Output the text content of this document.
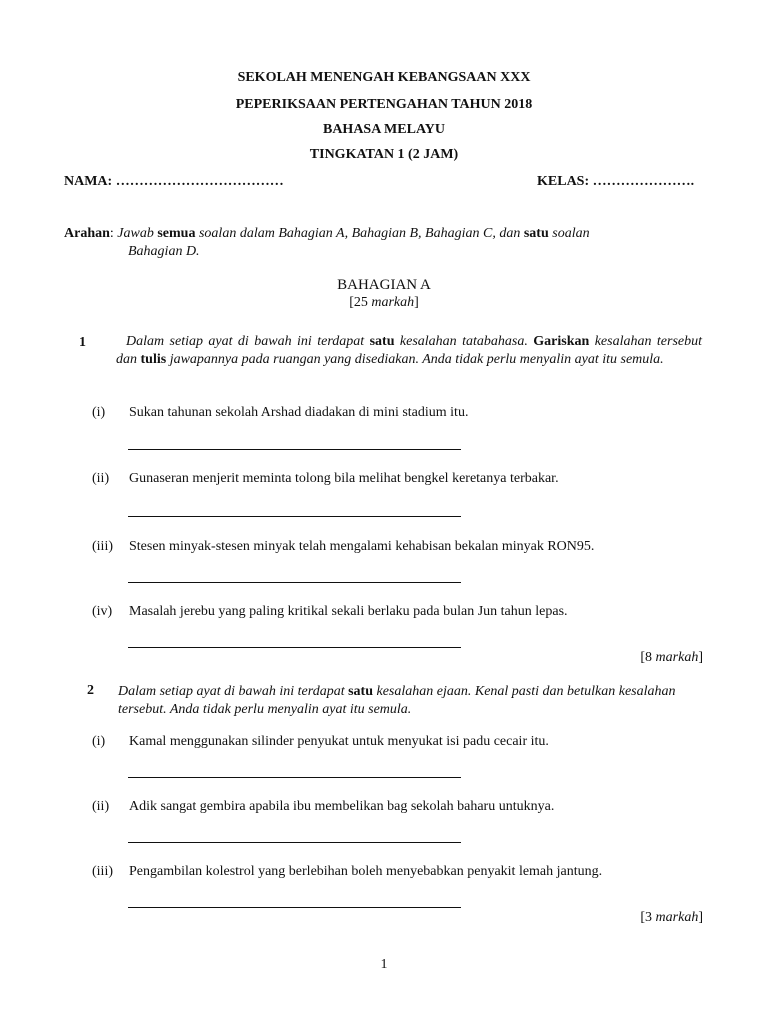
SEKOLAH MENENGAH KEBANGSAAN XXX
PEPERIKSAAN PERTENGAHAN TAHUN 2018
BAHASA MELAYU
TINGKATAN 1 (2 JAM)
NAMA: ………………………………	KELAS: ………………….
Arahan: Jawab semua soalan dalam Bahagian A, Bahagian B, Bahagian C, dan satu soalan
Bahagian D.
BAHAGIAN A
[25 markah]
1	Dalam setiap ayat di bawah ini terdapat satu kesalahan tatabahasa. Gariskan kesalahan tersebut dan tulis jawapannya pada ruangan yang disediakan. Anda tidak perlu menyalin ayat itu semula.
(i) Sukan tahunan sekolah Arshad diadakan di mini stadium itu.
(ii) Gunaseran menjerit meminta tolong bila melihat bengkel keretanya terbakar.
(iii) Stesen minyak-stesen minyak telah mengalami kehabisan bekalan minyak RON95.
(iv) Masalah jerebu yang paling kritikal sekali berlaku pada bulan Jun tahun lepas.
[8 markah]
2 Dalam setiap ayat di bawah ini terdapat satu kesalahan ejaan. Kenal pasti dan betulkan kesalahan tersebut. Anda tidak perlu menyalin ayat itu semula.
(i) Kamal menggunakan silinder penyukat untuk menyukat isi padu cecair itu.
(ii) Adik sangat gembira apabila ibu membelikan bag sekolah baharu untuknya.
(iii) Pengambilan kolestrol yang berlebihan boleh menyebabkan penyakit lemah jantung.
[3 markah]
1
